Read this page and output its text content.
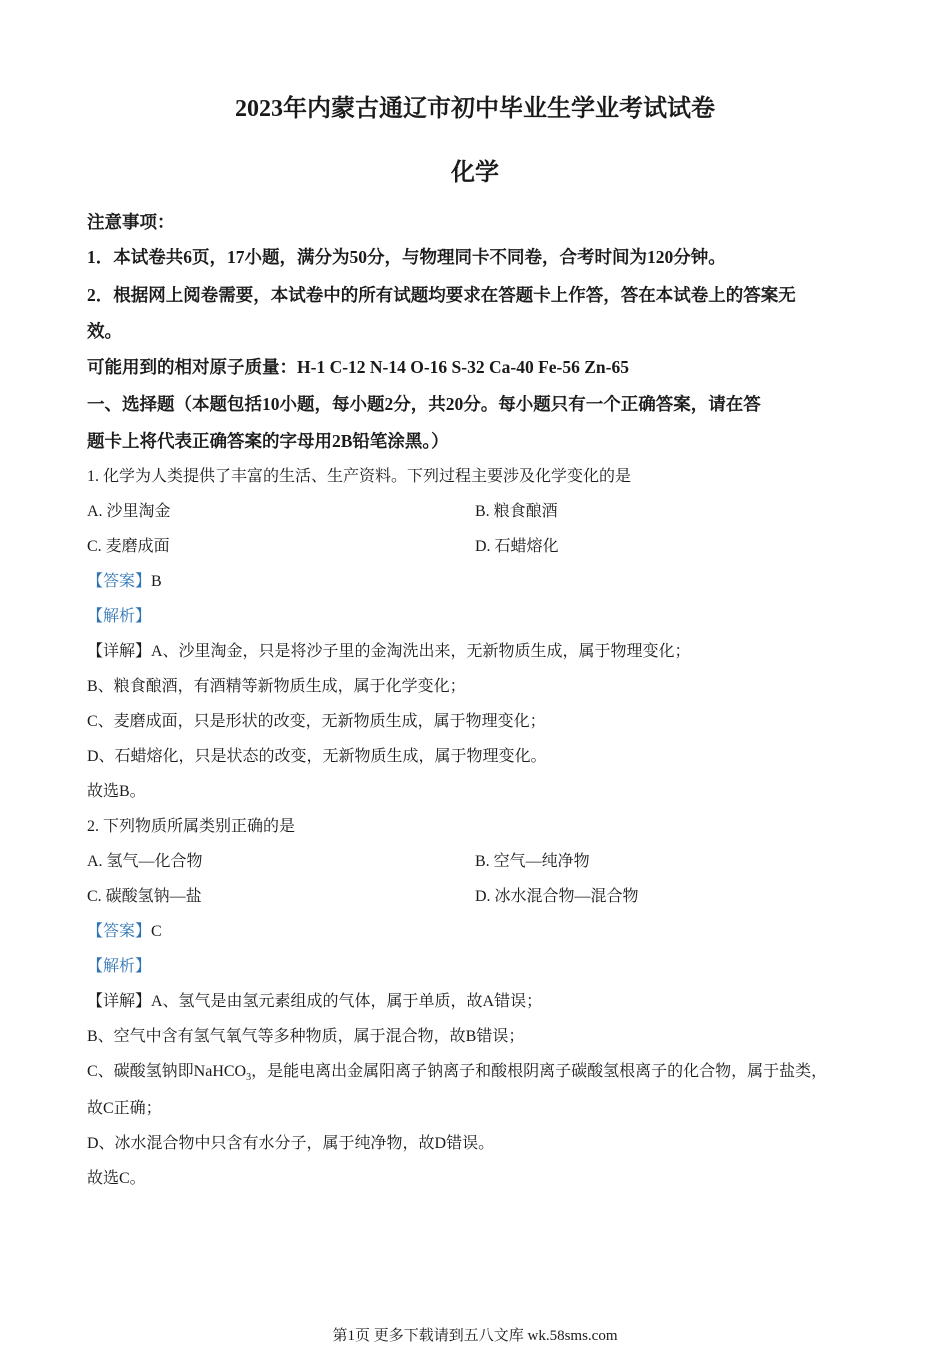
2023年内蒙古通辽市初中毕业生学业考试试卷
化学
注意事项：
1．本试卷共6页，17小题，满分为50分，与物理同卡不同卷，合考时间为120分钟。
2．根据网上阅卷需要，本试卷中的所有试题均要求在答题卡上作答，答在本试卷上的答案无
效。
可能用到的相对原子质量：H-1 C-12 N-14 O-16 S-32 Ca-40 Fe-56 Zn-65
一、选择题（本题包括10小题，每小题2分，共20分。每小题只有一个正确答案，请在答
题卡上将代表正确答案的字母用2B铅笔涂黑。）
1. 化学为人类提供了丰富的生活、生产资料。下列过程主要涉及化学变化的是
A. 沙里淘金	B. 粮食酿酒
C. 麦磨成面	D. 石蜡熔化
【答案】B
【解析】
【详解】A、沙里淘金，只是将沙子里的金淘洗出来，无新物质生成，属于物理变化；
B、粮食酿酒，有酒精等新物质生成，属于化学变化；
C、麦磨成面，只是形状的改变，无新物质生成，属于物理变化；
D、石蜡熔化，只是状态的改变，无新物质生成，属于物理变化。
故选B。
2. 下列物质所属类别正确的是
A. 氢气—化合物	B. 空气—纯净物
C. 碳酸氢钠—盐	D. 冰水混合物—混合物
【答案】C
【解析】
【详解】A、氢气是由氢元素组成的气体，属于单质，故A错误；
B、空气中含有氢气氧气等多种物质，属于混合物，故B错误；
C、碳酸氢钠即NaHCO$_3$，是能电离出金属阳离子钠离子和酸根阴离子碳酸氢根离子的化合物，属于盐类，
故C正确；
D、冰水混合物中只含有水分子，属于纯净物，故D错误。
故选C。
第1页 更多下载请到五八文库 wk.58sms.com
